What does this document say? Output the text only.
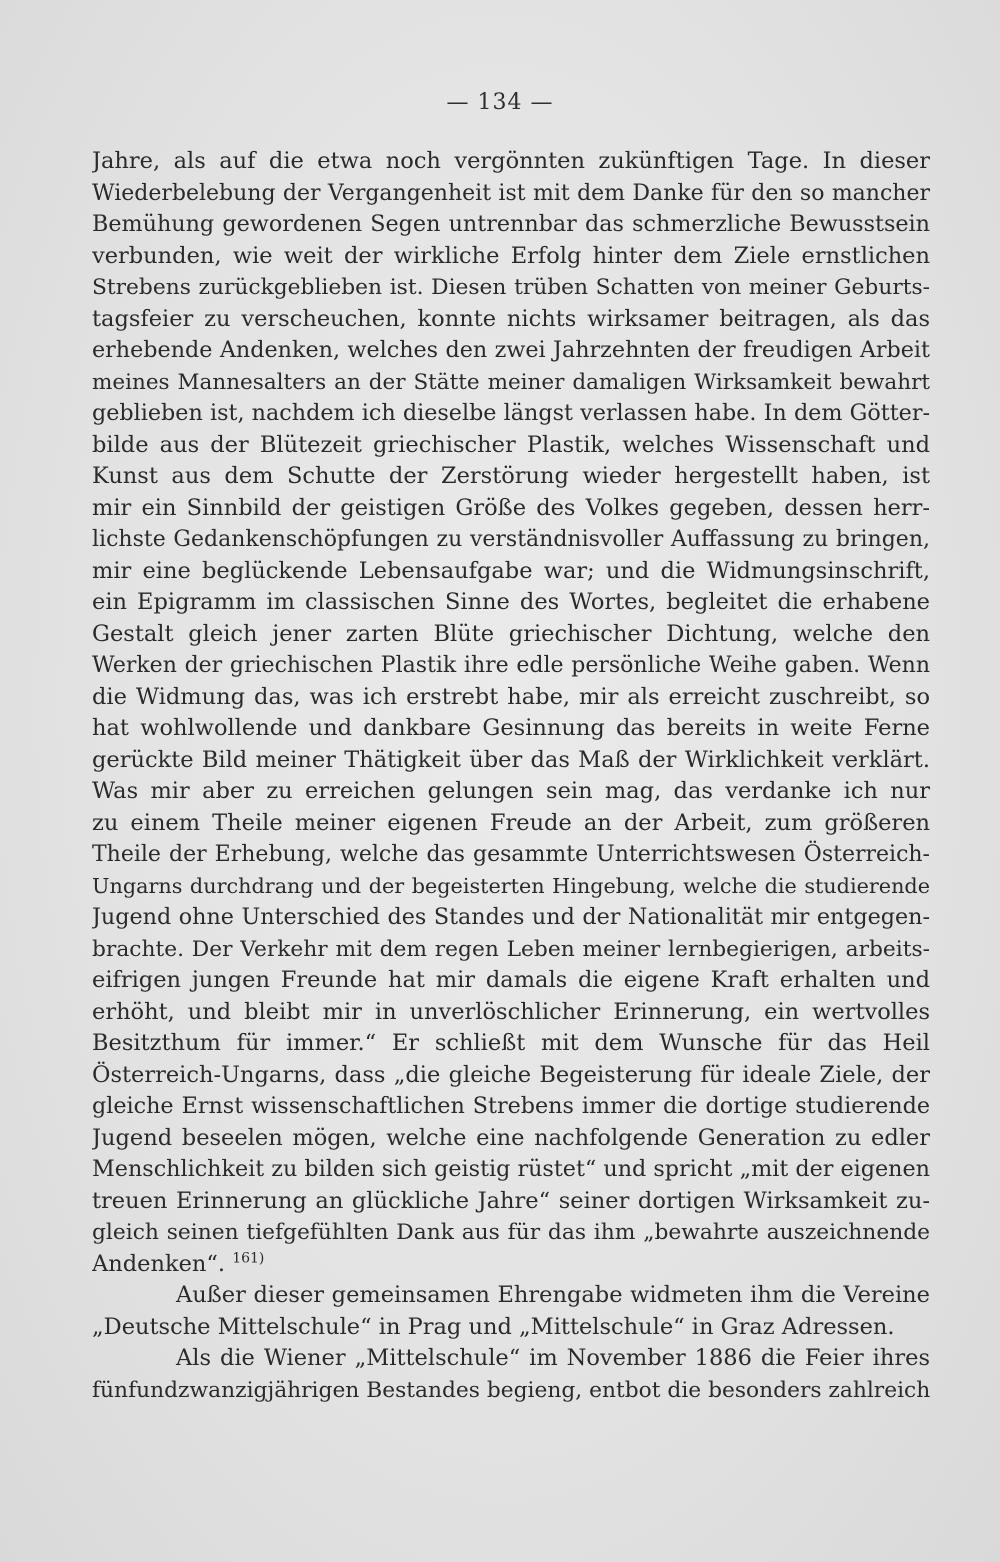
— 134 —
Jahre, als auf die etwa noch vergönnten zukünftigen Tage. In dieser
Wiederbelebung der Vergangenheit ist mit dem Danke für den so mancher
Bemühung gewordenen Segen untrennbar das schmerzliche Bewusstsein
verbunden, wie weit der wirkliche Erfolg hinter dem Ziele ernstlichen
Strebens zurückgeblieben ist. Diesen trüben Schatten von meiner Geburts-
tagsfeier zu verscheuchen, konnte nichts wirksamer beitragen, als das
erhebende Andenken, welches den zwei Jahrzehnten der freudigen Arbeit
meines Mannesalters an der Stätte meiner damaligen Wirksamkeit bewahrt
geblieben ist, nachdem ich dieselbe längst verlassen habe. In dem Götter-
bilde aus der Blütezeit griechischer Plastik, welches Wissenschaft und
Kunst aus dem Schutte der Zerstörung wieder hergestellt haben, ist
mir ein Sinnbild der geistigen Größe des Volkes gegeben, dessen herr-
lichste Gedankenschöpfungen zu verständnisvoller Auffassung zu bringen,
mir eine beglückende Lebensaufgabe war; und die Widmungsinschrift,
ein Epigramm im classischen Sinne des Wortes, begleitet die erhabene
Gestalt gleich jener zarten Blüte griechischer Dichtung, welche den
Werken der griechischen Plastik ihre edle persönliche Weihe gaben. Wenn
die Widmung das, was ich erstrebt habe, mir als erreicht zuschreibt, so
hat wohlwollende und dankbare Gesinnung das bereits in weite Ferne
gerückte Bild meiner Thätigkeit über das Maß der Wirklichkeit verklärt.
Was mir aber zu erreichen gelungen sein mag, das verdanke ich nur
zu einem Theile meiner eigenen Freude an der Arbeit, zum größeren
Theile der Erhebung, welche das gesammte Unterrichtswesen Österreich-
Ungarns durchdrang und der begeisterten Hingebung, welche die studierende
Jugend ohne Unterschied des Standes und der Nationalität mir entgegen-
brachte. Der Verkehr mit dem regen Leben meiner lernbegierigen, arbeits-
eifrigen jungen Freunde hat mir damals die eigene Kraft erhalten und
erhöht, und bleibt mir in unverlöschlicher Erinnerung, ein wertvolles
Besitzthum für immer.“ Er schließt mit dem Wunsche für das Heil
Österreich-Ungarns, dass „die gleiche Begeisterung für ideale Ziele, der
gleiche Ernst wissenschaftlichen Strebens immer die dortige studierende
Jugend beseelen mögen, welche eine nachfolgende Generation zu edler
Menschlichkeit zu bilden sich geistig rüstet“ und spricht „mit der eigenen
treuen Erinnerung an glückliche Jahre“ seiner dortigen Wirksamkeit zu-
gleich seinen tiefgefühlten Dank aus für das ihm „bewahrte auszeichnende
Andenken“. $^{161)}$
Außer dieser gemeinsamen Ehrengabe widmeten ihm die Vereine
„Deutsche Mittelschule“ in Prag und „Mittelschule“ in Graz Adressen.
Als die Wiener „Mittelschule“ im November 1886 die Feier ihres
fünfundzwanzigjährigen Bestandes begieng, entbot die besonders zahlreich
